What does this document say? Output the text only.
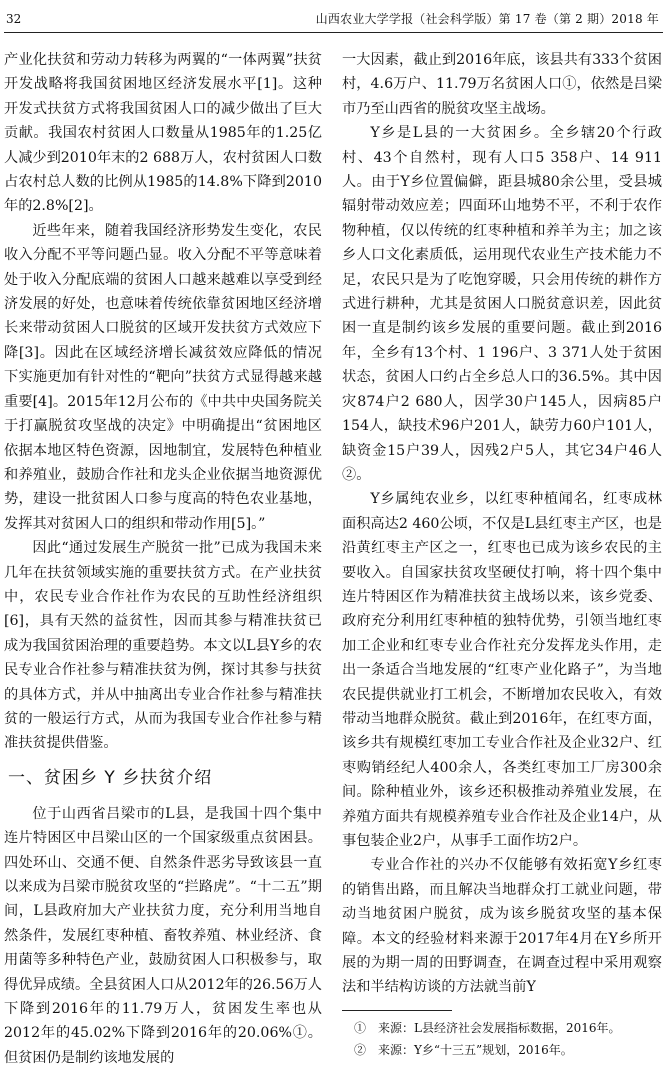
32	山西农业大学学报（社会科学版）第 17 卷（第 2 期）2018 年

产业化扶贫和劳动力转移为两翼的“一体两翼”扶贫开发战略将我国贫困地区经济发展水平[1]。这种开发式扶贫方式将我国贫困人口的减少做出了巨大贡献。我国农村贫困人口数量从1985年的1.25亿人减少到2010年末的2 688万人，农村贫困人口数占农村总人数的比例从1985的14.8%下降到2010年的2.8%[2]。

近些年来，随着我国经济形势发生变化，农民收入分配不平等问题凸显。收入分配不平等意味着处于收入分配底端的贫困人口越来越难以享受到经济发展的好处，也意味着传统依靠贫困地区经济增长来带动贫困人口脱贫的区域开发扶贫方式效应下降[3]。因此在区域经济增长减贫效应降低的情况下实施更加有针对性的“靶向”扶贫方式显得越来越重要[4]。2015年12月公布的《中共中央国务院关于打赢脱贫攻坚战的决定》中明确提出“贫困地区依据本地区特色资源，因地制宜，发展特色种植业和养殖业，鼓励合作社和龙头企业依据当地资源优势，建设一批贫困人口参与度高的特色农业基地，发挥其对贫困人口的组织和带动作用[5]。”

因此“通过发展生产脱贫一批”已成为我国未来几年在扶贫领域实施的重要扶贫方式。在产业扶贫中，农民专业合作社作为农民的互助性经济组织[6]，具有天然的益贫性，因而其参与精准扶贫已成为我国贫困治理的重要趋势。本文以L县Y乡的农民专业合作社参与精准扶贫为例，探讨其参与扶贫的具体方式，并从中抽离出专业合作社参与精准扶贫的一般运行方式，从而为我国专业合作社参与精准扶贫提供借鉴。

一、贫困乡 Y 乡扶贫介绍

位于山西省吕梁市的L县，是我国十四个集中连片特困区中吕梁山区的一个国家级重点贫困县。四处环山、交通不便、自然条件恶劣导致该县一直以来成为吕梁市脱贫攻坚的“拦路虎”。“十二五”期间，L县政府加大产业扶贫力度，充分利用当地自然条件，发展红枣种植、畜牧养殖、林业经济、食用菌等多种特色产业，鼓励贫困人口积极参与，取得优异成绩。全县贫困人口从2012年的26.56万人下降到2016年的11.79万人，贫困发生率也从2012年的45.02%下降到2016年的20.06%①。但贫困仍是制约该地发展的

一大因素，截止到2016年底，该县共有333个贫困村，4.6万户、11.79万名贫困人口①，依然是吕梁市乃至山西省的脱贫攻坚主战场。

Y乡是L县的一大贫困乡。全乡辖20个行政村、43个自然村，现有人口5 358户、14 911人。由于Y乡位置偏僻，距县城80余公里，受县城辐射带动效应差；四面环山地势不平，不利于农作物种植，仅以传统的红枣种植和养羊为主；加之该乡人口文化素质低，运用现代农业生产技术能力不足，农民只是为了吃饱穿暖，只会用传统的耕作方式进行耕种，尤其是贫困人口脱贫意识差，因此贫困一直是制约该乡发展的重要问题。截止到2016年，全乡有13个村、1 196户、3 371人处于贫困状态，贫困人口约占全乡总人口的36.5%。其中因灾874户2 680人，因学30户145人，因病85户154人，缺技术96户201人，缺劳力60户101人，缺资金15户39人，因残2户5人，其它34户46人②。

Y乡属纯农业乡，以红枣种植闻名，红枣成林面积高达2 460公顷，不仅是L县红枣主产区，也是沿黄红枣主产区之一，红枣也已成为该乡农民的主要收入。自国家扶贫攻坚硬仗打响，将十四个集中连片特困区作为精准扶贫主战场以来，该乡党委、政府充分利用红枣种植的独特优势，引领当地红枣加工企业和红枣专业合作社充分发挥龙头作用，走出一条适合当地发展的“红枣产业化路子”，为当地农民提供就业打工机会，不断增加农民收入，有效带动当地群众脱贫。截止到2016年，在红枣方面，该乡共有规模红枣加工专业合作社及企业32户、红枣购销经纪人400余人，各类红枣加工厂房300余间。除种植业外，该乡还积极推动养殖业发展，在养殖方面共有规模养殖专业合作社及企业14户，从事包装企业2户，从事手工面作坊2户。

专业合作社的兴办不仅能够有效拓宽Y乡红枣的销售出路，而且解决当地群众打工就业问题，带动当地贫困户脱贫，成为该乡脱贫攻坚的基本保障。本文的经验材料来源于2017年4月在Y乡所开展的为期一周的田野调查，在调查过程中采用观察法和半结构访谈的方法就当前Y

①　来源：L县经济社会发展指标数据，2016年。
②　来源：Y乡“十三五”规划，2016年。
